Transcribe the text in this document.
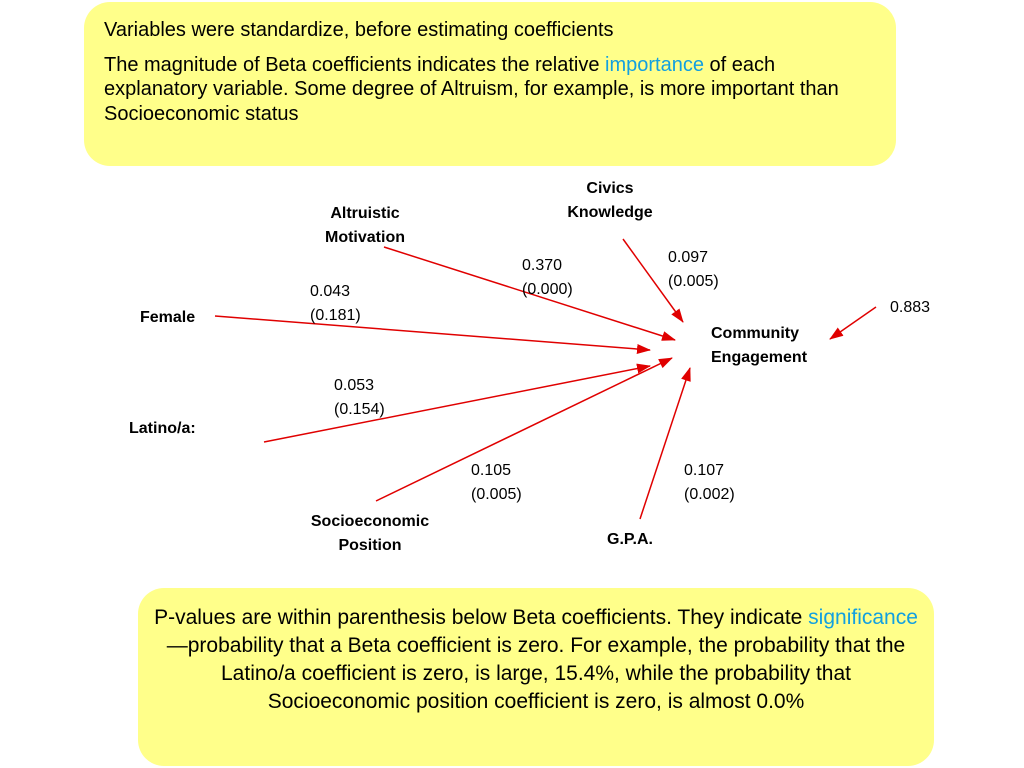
Variables were standardize, before estimating coefficients

The magnitude of Beta coefficients indicates the relative importance of each explanatory variable. Some degree of Altruism, for example, is more important than Socioeconomic status

Altruistic
Motivation
Civics
Knowledge
Female
Latino/a:
Socioeconomic
Position	G.P.A.
Community
Engagement
0.370
(0.000)
0.097
(0.005)
0.043
(0.181)
0.053
(0.154)
0.105
(0.005)
0.107
(0.002)
0.883
P-values are within parenthesis below Beta coefficients. They indicate significance—probability that a Beta coefficient is zero. For example, the probability that the Latino/a coefficient is zero, is large, 15.4%, while the probability that Socioeconomic position coefficient is zero, is almost 0.0%
